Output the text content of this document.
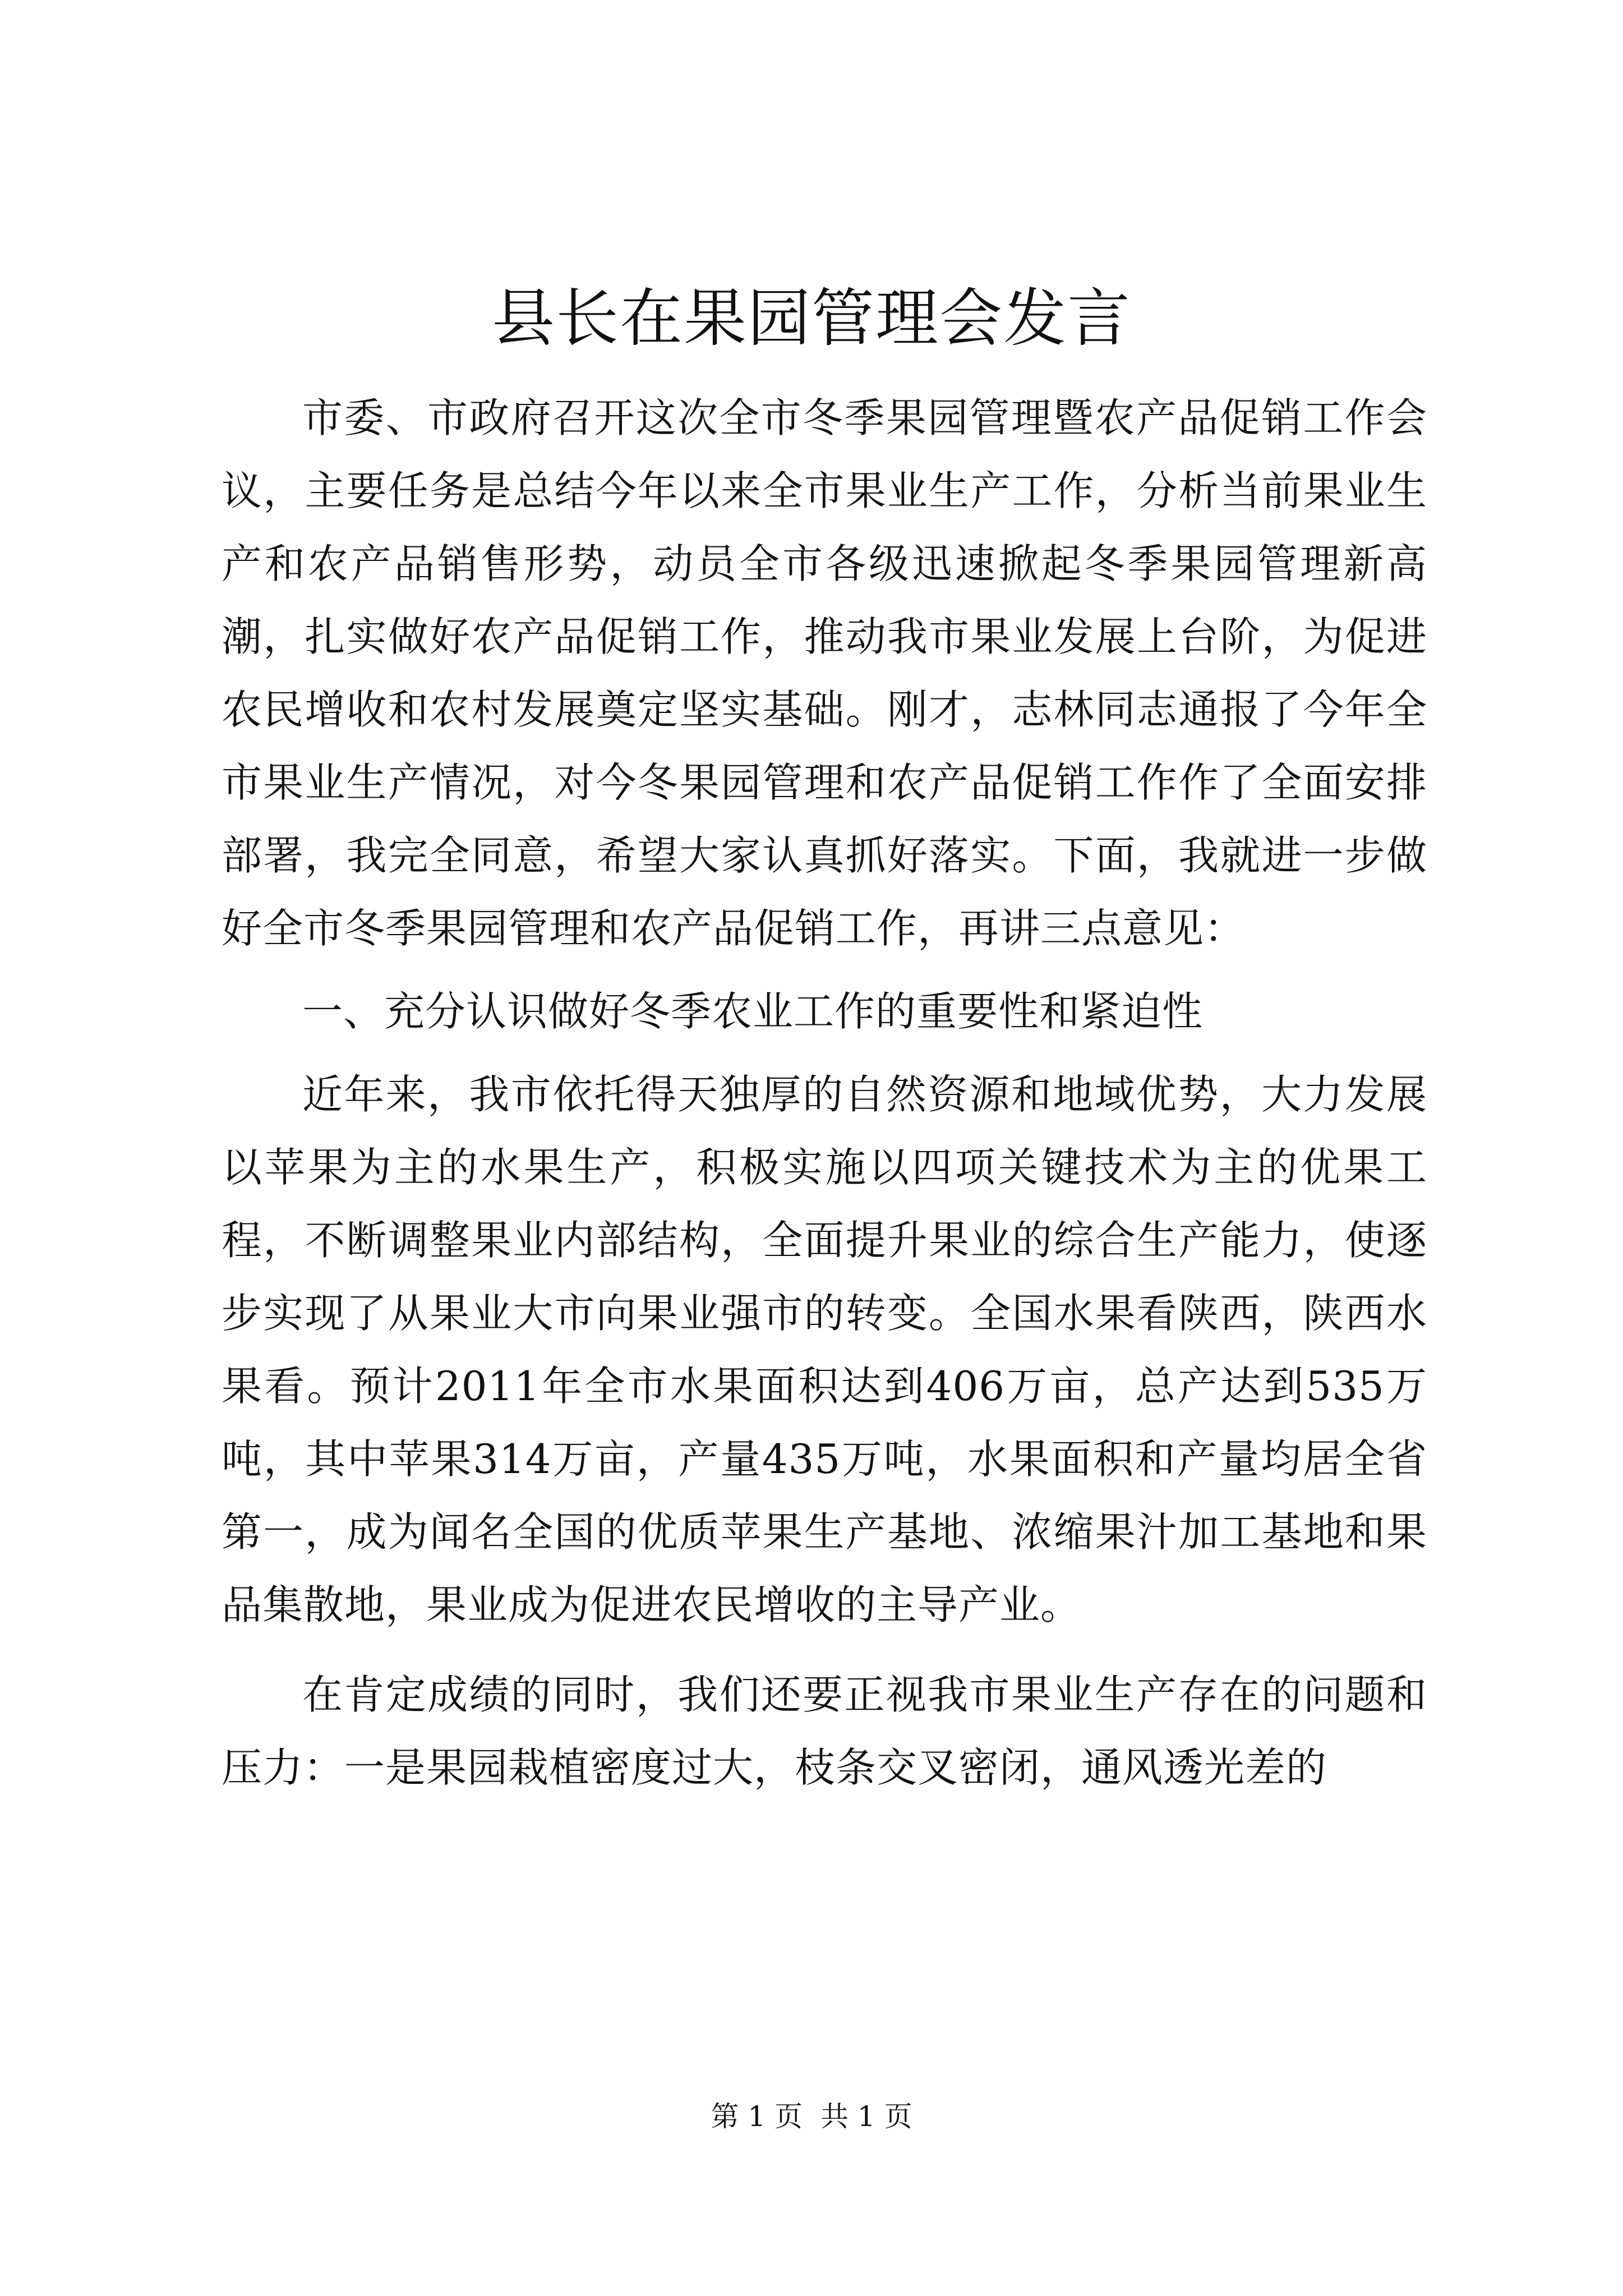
县长在果园管理会发言

市委、市政府召开这次全市冬季果园管理暨农产品促销工作会议，主要任务是总结今年以来全市果业生产工作，分析当前果业生产和农产品销售形势，动员全市各级迅速掀起冬季果园管理新高潮，扎实做好农产品促销工作，推动我市果业发展上台阶，为促进农民增收和农村发展奠定坚实基础。刚才，志林同志通报了今年全市果业生产情况，对今冬果园管理和农产品促销工作作了全面安排部署，我完全同意，希望大家认真抓好落实。下面，我就进一步做好全市冬季果园管理和农产品促销工作，再讲三点意见：

一、充分认识做好冬季农业工作的重要性和紧迫性

近年来，我市依托得天独厚的自然资源和地域优势，大力发展以苹果为主的水果生产，积极实施以四项关键技术为主的优果工程，不断调整果业内部结构，全面提升果业的综合生产能力，使逐步实现了从果业大市向果业强市的转变。全国水果看陕西，陕西水果看。预计2011年全市水果面积达到406万亩，总产达到535万吨，其中苹果314万亩，产量435万吨，水果面积和产量均居全省第一，成为闻名全国的优质苹果生产基地、浓缩果汁加工基地和果品集散地，果业成为促进农民增收的主导产业。

在肯定成绩的同时，我们还要正视我市果业生产存在的问题和压力：一是果园栽植密度过大，枝条交叉密闭，通风透光差的

第 1 页 共 1 页
